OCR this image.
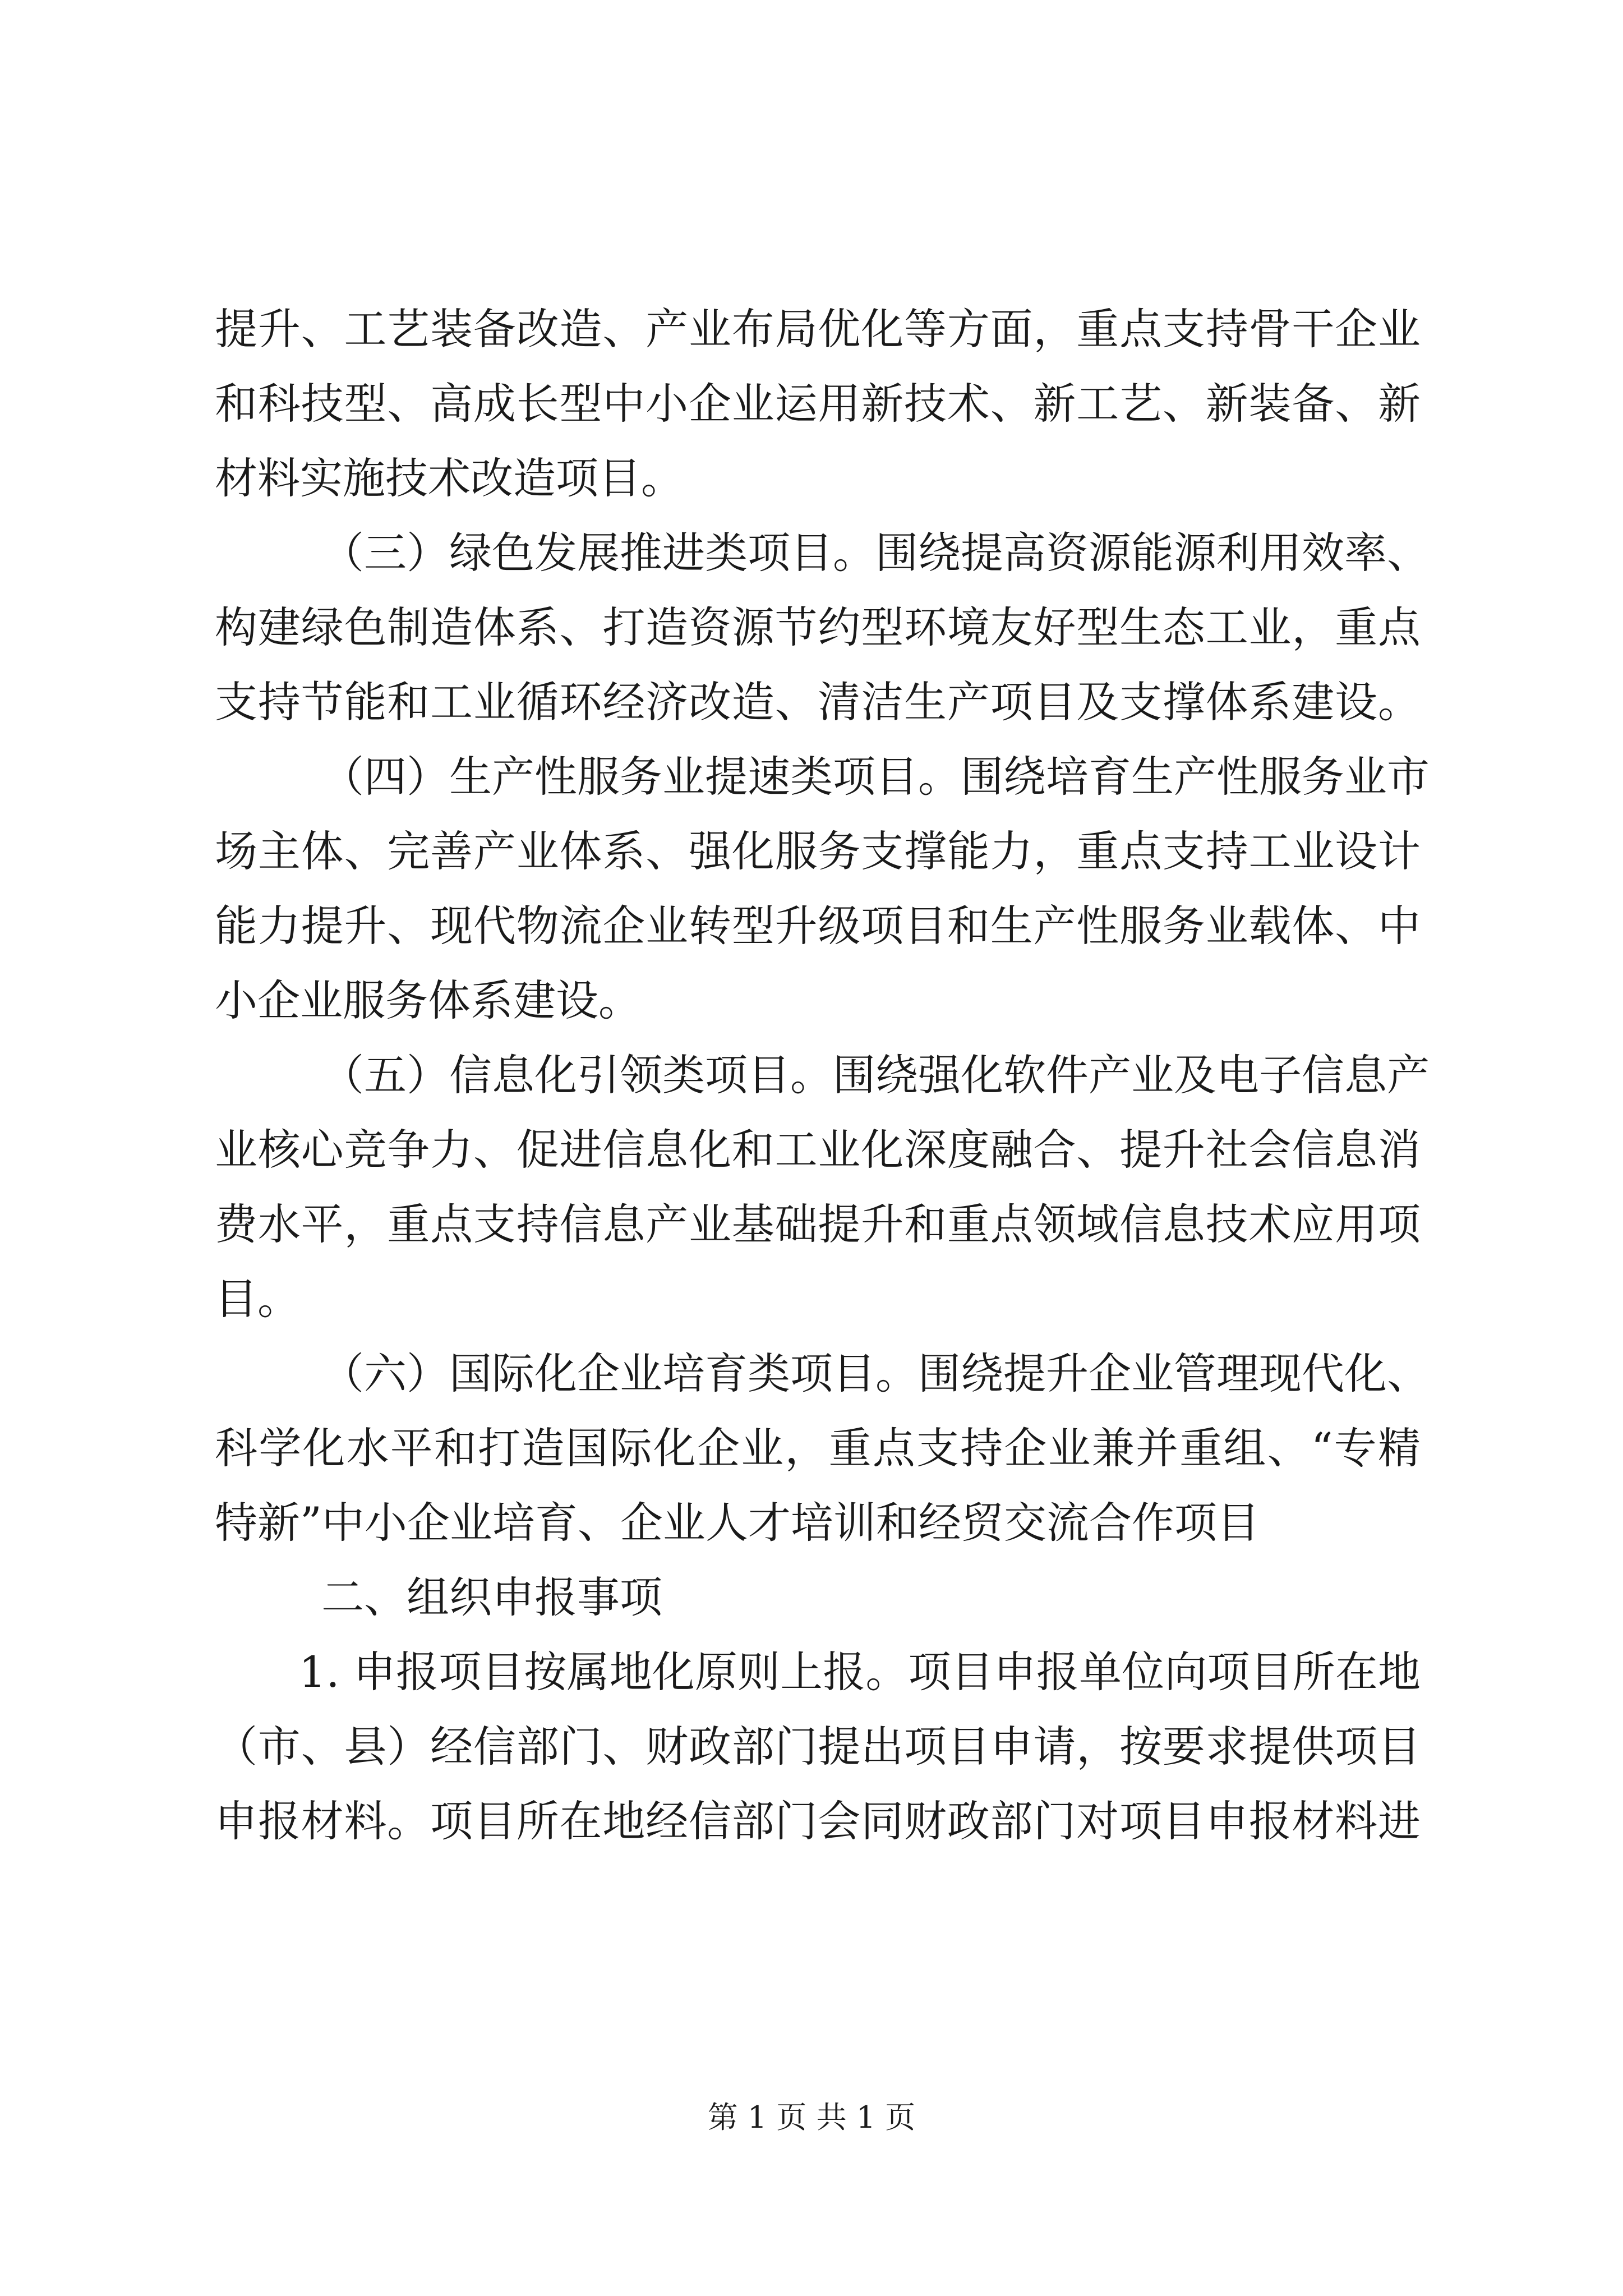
提升、工艺装备改造、产业布局优化等方面，重点支持骨干企业
和科技型、高成长型中小企业运用新技术、新工艺、新装备、新
材料实施技术改造项目。
（三）绿色发展推进类项目。围绕提高资源能源利用效率、
构建绿色制造体系、打造资源节约型环境友好型生态工业，重点
支持节能和工业循环经济改造、清洁生产项目及支撑体系建设。
（四）生产性服务业提速类项目。围绕培育生产性服务业市
场主体、完善产业体系、强化服务支撑能力，重点支持工业设计
能力提升、现代物流企业转型升级项目和生产性服务业载体、中
小企业服务体系建设。
（五）信息化引领类项目。围绕强化软件产业及电子信息产
业核心竞争力、促进信息化和工业化深度融合、提升社会信息消
费水平，重点支持信息产业基础提升和重点领域信息技术应用项
目。
（六）国际化企业培育类项目。围绕提升企业管理现代化、
科学化水平和打造国际化企业，重点支持企业兼并重组、“专精
特新”中小企业培育、企业人才培训和经贸交流合作项目
二、组织申报事项
1. 申报项目按属地化原则上报。项目申报单位向项目所在地
（市、县）经信部门、财政部门提出项目申请，按要求提供项目
申报材料。项目所在地经信部门会同财政部门对项目申报材料进
第 1 页 共 1 页
